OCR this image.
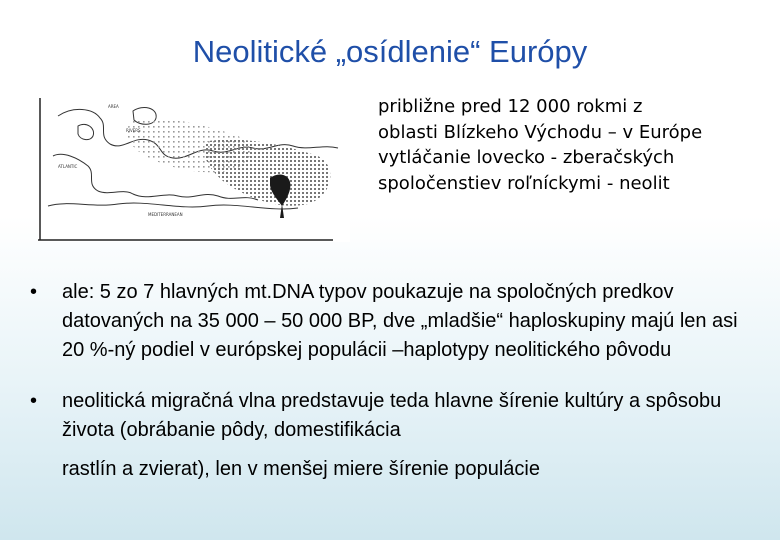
Neolitické „osídlenie“ Európy
AREA
RIVERS
ATLANTIC
MEDITERRANEAN
približne pred 12 000 rokmi z oblasti Blízkeho Východu – v Európe vytláčanie lovecko - zberačských spoločenstiev roľníckymi - neolit
• ale: 5 zo 7 hlavných mt.DNA typov poukazuje na spoločných predkov datovaných na 35 000 – 50 000 BP, dve „mladšie“ haploskupiny majú len asi 20 %-ný podiel v európskej populácii –haplotypy neolitického pôvodu
• neolitická migračná vlna predstavuje teda hlavne šírenie kultúry a spôsobu života (obrábanie pôdy, domestifikácia
rastlín a zvierat), len v menšej miere šírenie populácie
